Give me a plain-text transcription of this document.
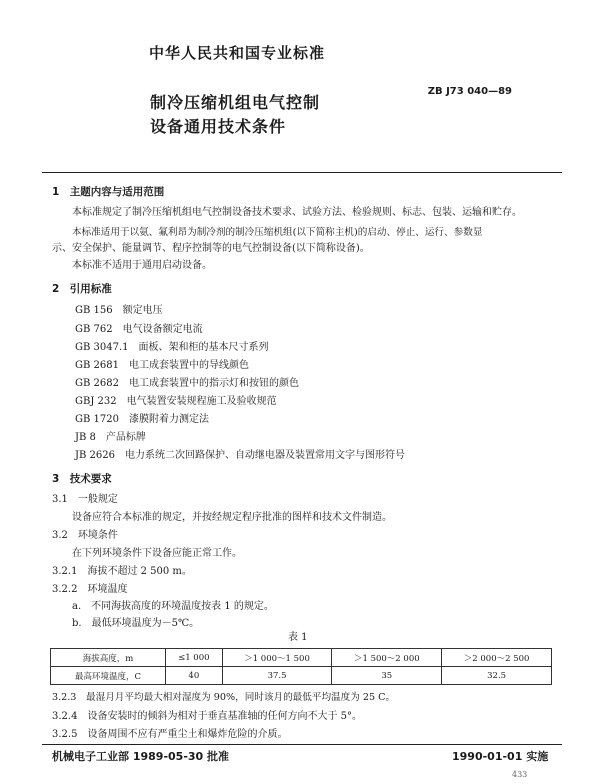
中华人民共和国专业标准
ZB J73 040—89
制冷压缩机组电气控制
设备通用技术条件
1　主题内容与适用范围
本标准规定了制冷压缩机组电气控制设备技术要求、试验方法、检验规则、标志、包装、运输和贮存。
本标准适用于以氨、氟利昂为制冷剂的制冷压缩机组(以下简称主机)的启动、停止、运行、参数显
示、安全保护、能量调节、程序控制等的电气控制设备(以下简称设备)。
本标准不适用于通用启动设备。
2　引用标准
GB 156　额定电压
GB 762　电气设备额定电流
GB 3047.1　面板、架和柜的基本尺寸系列
GB 2681　电工成套装置中的导线颜色
GB 2682　电工成套装置中的指示灯和按钮的颜色
GBJ 232　电气装置安装规程施工及验收规范
GB 1720　漆膜附着力测定法
JB 8　产品标牌
JB 2626　电力系统二次回路保护、自动继电器及装置常用文字与图形符号
3　技术要求
3.1　一般规定
设备应符合本标准的规定，并按经规定程序批准的图样和技术文件制造。
3.2　环境条件
在下列环境条件下设备应能正常工作。
3.2.1　海拔不超过 2 500 m。
3.2.2　环境温度
a.　不同海拔高度的环境温度按表 1 的规定。
b.　最低环境温度为－5℃。
表 1
海拔高度，m	≤1 000	＞1 000～1 500	＞1 500～2 000	＞2 000～2 500
最高环境温度，C	40	37.5	35	32.5
3.2.3　最湿月月平均最大相对湿度为 90%，同时该月的最低平均温度为 25 C。
3.2.4　设备安装时的倾斜为相对于垂直基准轴的任何方向不大于 5°。
3.2.5　设备周围不应有严重尘土和爆炸危险的介质。
机械电子工业部 1989-05-30 批准	1990-01-01 实施
433
